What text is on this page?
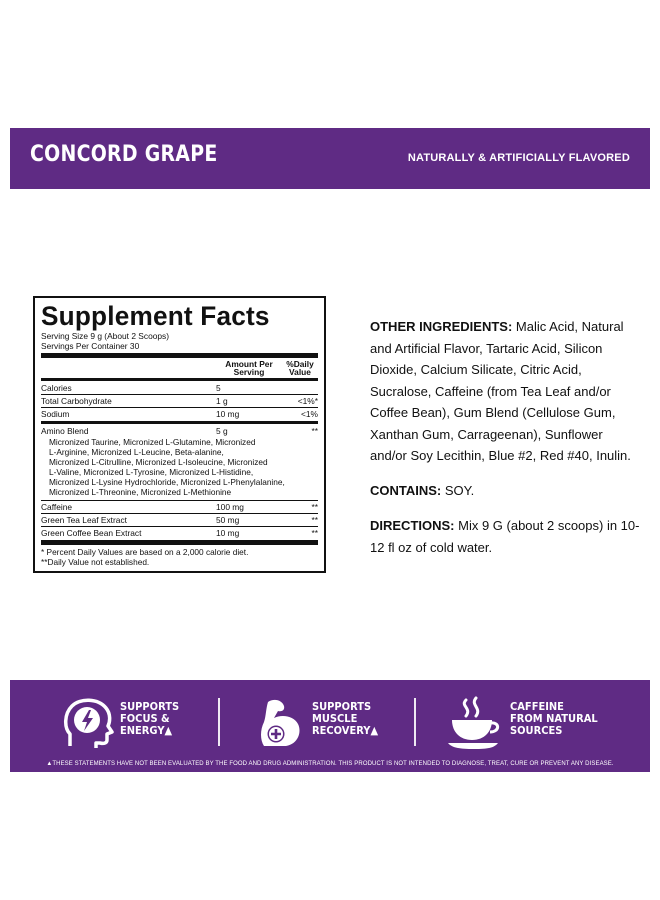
CONCORD GRAPE	NATURALLY & ARTIFICIALLY FLAVORED
Supplement Facts
Serving Size 9 g (About 2 Scoops)
Servings Per Container 30
Amount Per
Serving
%Daily
Value
Calories	5
Total Carbohydrate	1 g	<1%*
Sodium	10 mg	<1%
Amino Blend	5 g	**
Micronized Taurine, Micronized L-Glutamine, Micronized
L-Arginine, Micronized L-Leucine, Beta-alanine,
Micronized L-Citrulline, Micronized L-Isoleucine, Micronized
L-Valine, Micronized L-Tyrosine, Micronized L-Histidine,
Micronized L-Lysine Hydrochloride, Micronized L-Phenylalanine,
Micronized L-Threonine, Micronized L-Methionine
Caffeine	100 mg	**
Green Tea Leaf Extract	50 mg	**
Green Coffee Bean Extract	10 mg	**
* Percent Daily Values are based on a 2,000 calorie diet.
**Daily Value not established.
OTHER INGREDIENTS: Malic Acid, Natural and Artificial Flavor, Tartaric Acid, Silicon Dioxide, Calcium Silicate, Citric Acid, Sucralose, Caffeine (from Tea Leaf and/or Coffee Bean), Gum Blend (Cellulose Gum, Xanthan Gum, Carrageenan), Sunflower and/or Soy Lecithin, Blue #2, Red #40, Inulin.
CONTAINS: SOY.
DIRECTIONS: Mix 9 G (about 2 scoops) in 10-12 fl oz of cold water.
SUPPORTS
FOCUS &
ENERGY▲
SUPPORTS
MUSCLE
RECOVERY▲
CAFFEINE
FROM NATURAL
SOURCES
▲THESE STATEMENTS HAVE NOT BEEN EVALUATED BY THE FOOD AND DRUG ADMINISTRATION. THIS PRODUCT IS NOT INTENDED TO DIAGNOSE, TREAT, CURE OR PREVENT ANY DISEASE.
